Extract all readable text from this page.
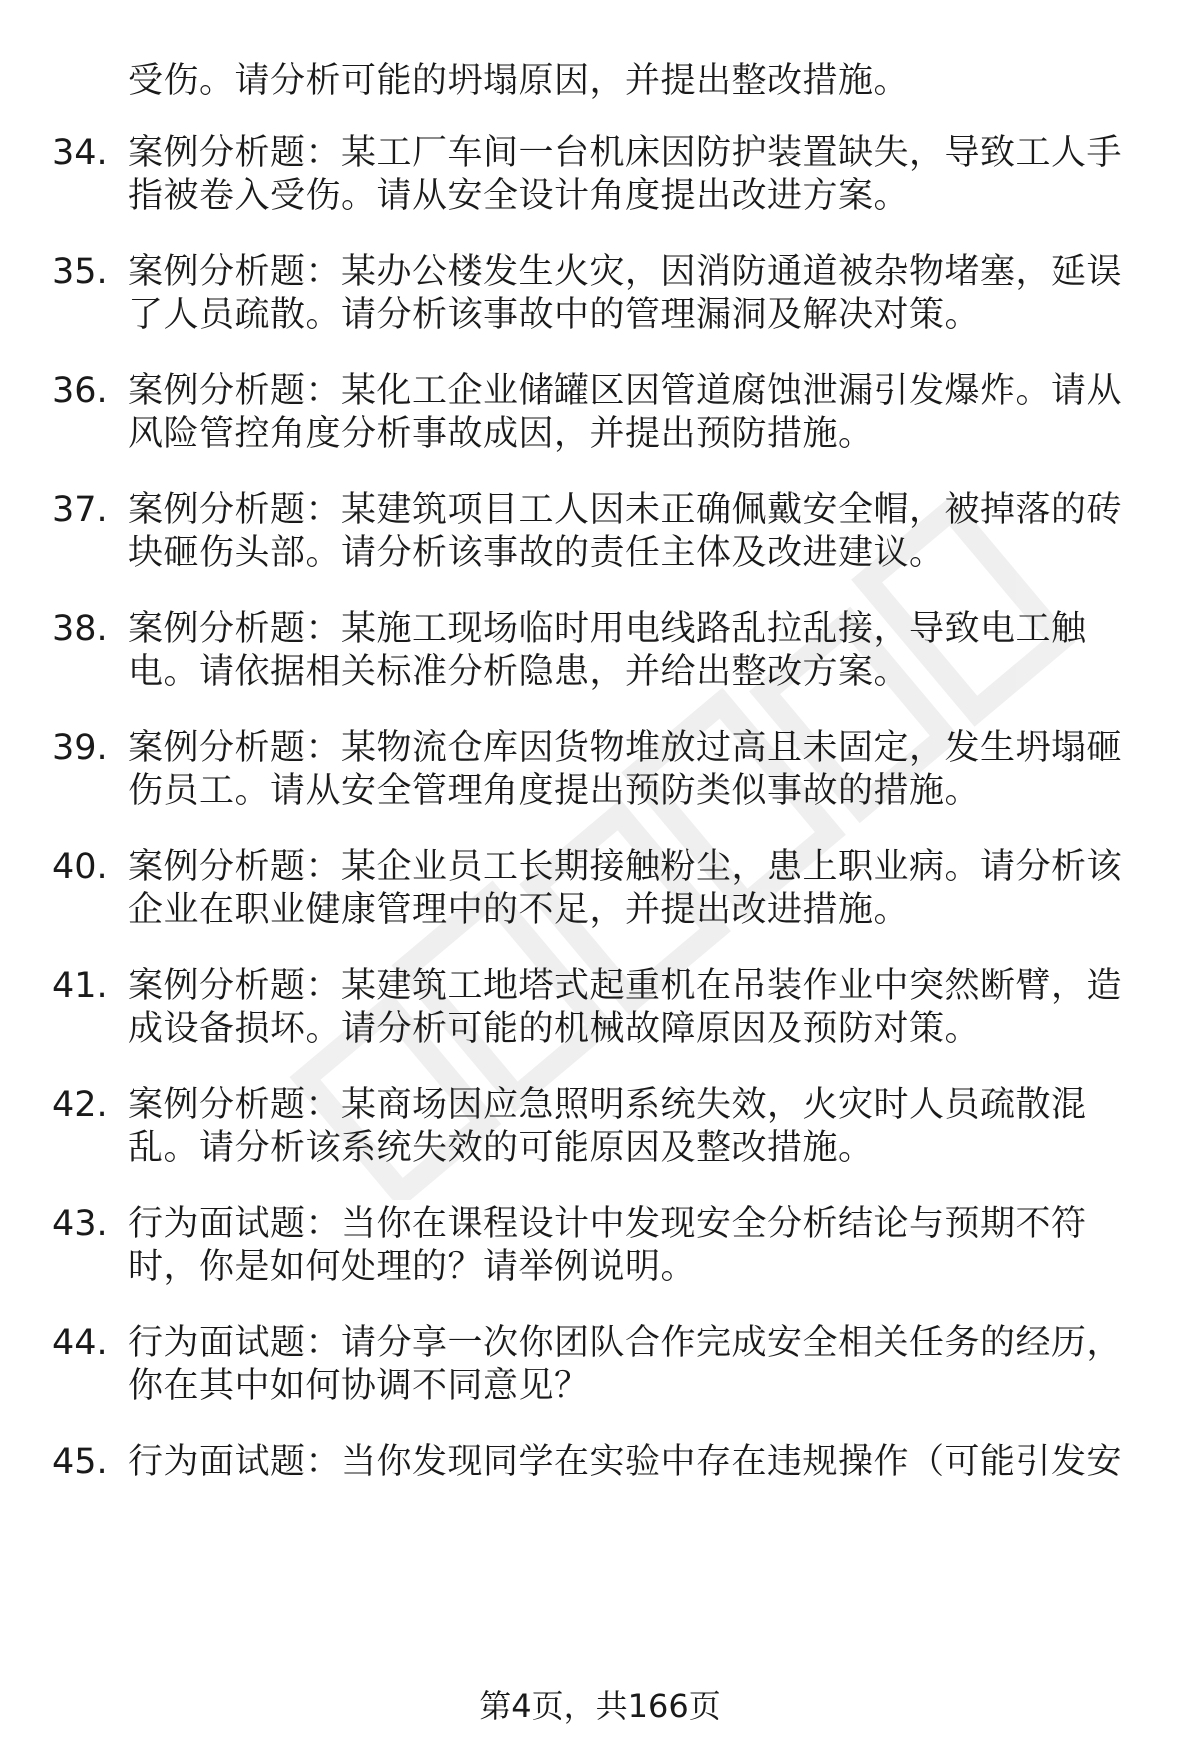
受伤。请分析可能的坍塌原因，并提出整改措施。
34. 案例分析题：某工厂车间一台机床因防护装置缺失，导致工人手
指被卷入受伤。请从安全设计角度提出改进方案。
35. 案例分析题：某办公楼发生火灾，因消防通道被杂物堵塞，延误
了人员疏散。请分析该事故中的管理漏洞及解决对策。
36. 案例分析题：某化工企业储罐区因管道腐蚀泄漏引发爆炸。请从
风险管控角度分析事故成因，并提出预防措施。
37. 案例分析题：某建筑项目工人因未正确佩戴安全帽，被掉落的砖
块砸伤头部。请分析该事故的责任主体及改进建议。
38. 案例分析题：某施工现场临时用电线路乱拉乱接，导致电工触
电。请依据相关标准分析隐患，并给出整改方案。
39. 案例分析题：某物流仓库因货物堆放过高且未固定，发生坍塌砸
伤员工。请从安全管理角度提出预防类似事故的措施。
40. 案例分析题：某企业员工长期接触粉尘，患上职业病。请分析该
企业在职业健康管理中的不足，并提出改进措施。
41. 案例分析题：某建筑工地塔式起重机在吊装作业中突然断臂，造
成设备损坏。请分析可能的机械故障原因及预防对策。
42. 案例分析题：某商场因应急照明系统失效，火灾时人员疏散混
乱。请分析该系统失效的可能原因及整改措施。
43. 行为面试题：当你在课程设计中发现安全分析结论与预期不符
时，你是如何处理的？请举例说明。
44. 行为面试题：请分享一次你团队合作完成安全相关任务的经历，
你在其中如何协调不同意见？
45. 行为面试题：当你发现同学在实验中存在违规操作（可能引发安
第4页，共166页
